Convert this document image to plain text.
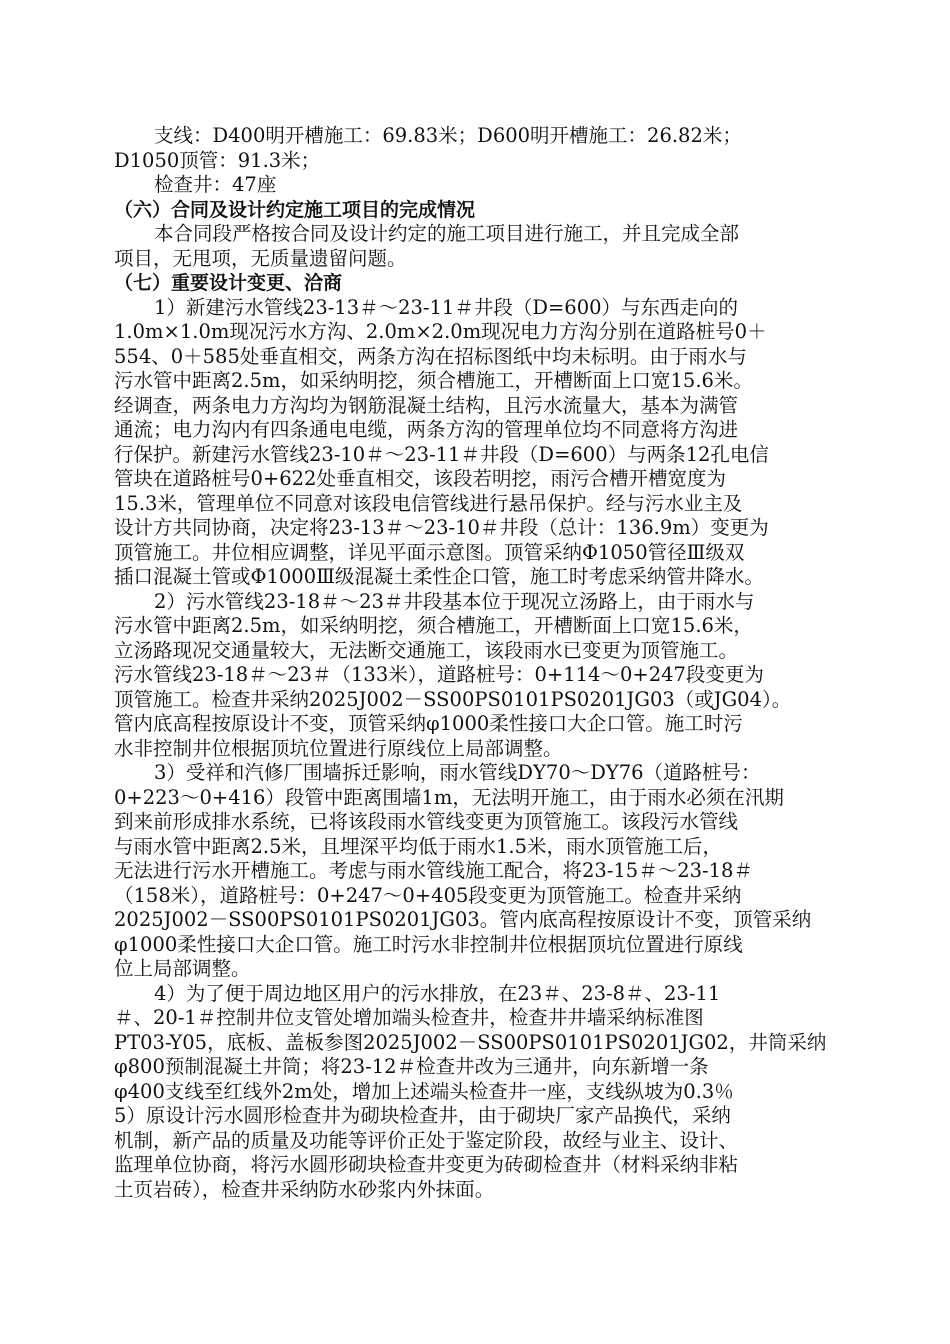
支线：D400明开槽施工：69.83米；D600明开槽施工：26.82米；
D1050顶管：91.3米；
检查井：47座
（六）合同及设计约定施工项目的完成情况
本合同段严格按合同及设计约定的施工项目进行施工，并且完成全部
项目，无甩项，无质量遗留问题。
（七）重要设计变更、洽商
1）新建污水管线23-13＃～23-11＃井段（D=600）与东西走向的
1.0m×1.0m现况污水方沟、2.0m×2.0m现况电力方沟分别在道路桩号0＋
554、0＋585处垂直相交，两条方沟在招标图纸中均未标明。由于雨水与
污水管中距离2.5m，如采纳明挖，须合槽施工，开槽断面上口宽15.6米。
经调查，两条电力方沟均为钢筋混凝土结构，且污水流量大，基本为满管
通流；电力沟内有四条通电电缆，两条方沟的管理单位均不同意将方沟进
行保护。新建污水管线23-10＃～23-11＃井段（D=600）与两条12孔电信
管块在道路桩号0+622处垂直相交，该段若明挖，雨污合槽开槽宽度为
15.3米，管理单位不同意对该段电信管线进行悬吊保护。经与污水业主及
设计方共同协商，决定将23-13＃～23-10＃井段（总计：136.9m）变更为
顶管施工。井位相应调整，详见平面示意图。顶管采纳Φ1050管径Ⅲ级双
插口混凝土管或Φ1000Ⅲ级混凝土柔性企口管，施工时考虑采纳管井降水。
2）污水管线23-18＃～23＃井段基本位于现况立汤路上，由于雨水与
污水管中距离2.5m，如采纳明挖，须合槽施工，开槽断面上口宽15.6米，
立汤路现况交通量较大，无法断交通施工，该段雨水已变更为顶管施工。
污水管线23-18＃～23＃（133米），道路桩号：0+114～0+247段变更为
顶管施工。检查井采纳2025J002－SS00PS0101PS0201JG03（或JG04）。
管内底高程按原设计不变，顶管采纳φ1000柔性接口大企口管。施工时污
水非控制井位根据顶坑位置进行原线位上局部调整。
3）受祥和汽修厂围墙拆迁影响，雨水管线DY70～DY76（道路桩号：
0+223～0+416）段管中距离围墙1m，无法明开施工，由于雨水必须在汛期
到来前形成排水系统，已将该段雨水管线变更为顶管施工。该段污水管线
与雨水管中距离2.5米，且埋深平均低于雨水1.5米，雨水顶管施工后，
无法进行污水开槽施工。考虑与雨水管线施工配合，将23-15＃～23-18＃
（158米），道路桩号：0+247～0+405段变更为顶管施工。检查井采纳
2025J002－SS00PS0101PS0201JG03。管内底高程按原设计不变，顶管采纳
φ1000柔性接口大企口管。施工时污水非控制井位根据顶坑位置进行原线
位上局部调整。
4）为了便于周边地区用户的污水排放，在23＃、23-8＃、23-11
＃、20-1＃控制井位支管处增加端头检查井，检查井井墙采纳标准图
PT03-Y05，底板、盖板参图2025J002－SS00PS0101PS0201JG02，井筒采纳
φ800预制混凝土井筒；将23-12＃检查井改为三通井，向东新增一条
φ400支线至红线外2m处，增加上述端头检查井一座，支线纵坡为0.3％
5）原设计污水圆形检查井为砌块检查井，由于砌块厂家产品换代，采纳
机制，新产品的质量及功能等评价正处于鉴定阶段，故经与业主、设计、
监理单位协商，将污水圆形砌块检查井变更为砖砌检查井（材料采纳非粘
土页岩砖），检查井采纳防水砂浆内外抹面。
